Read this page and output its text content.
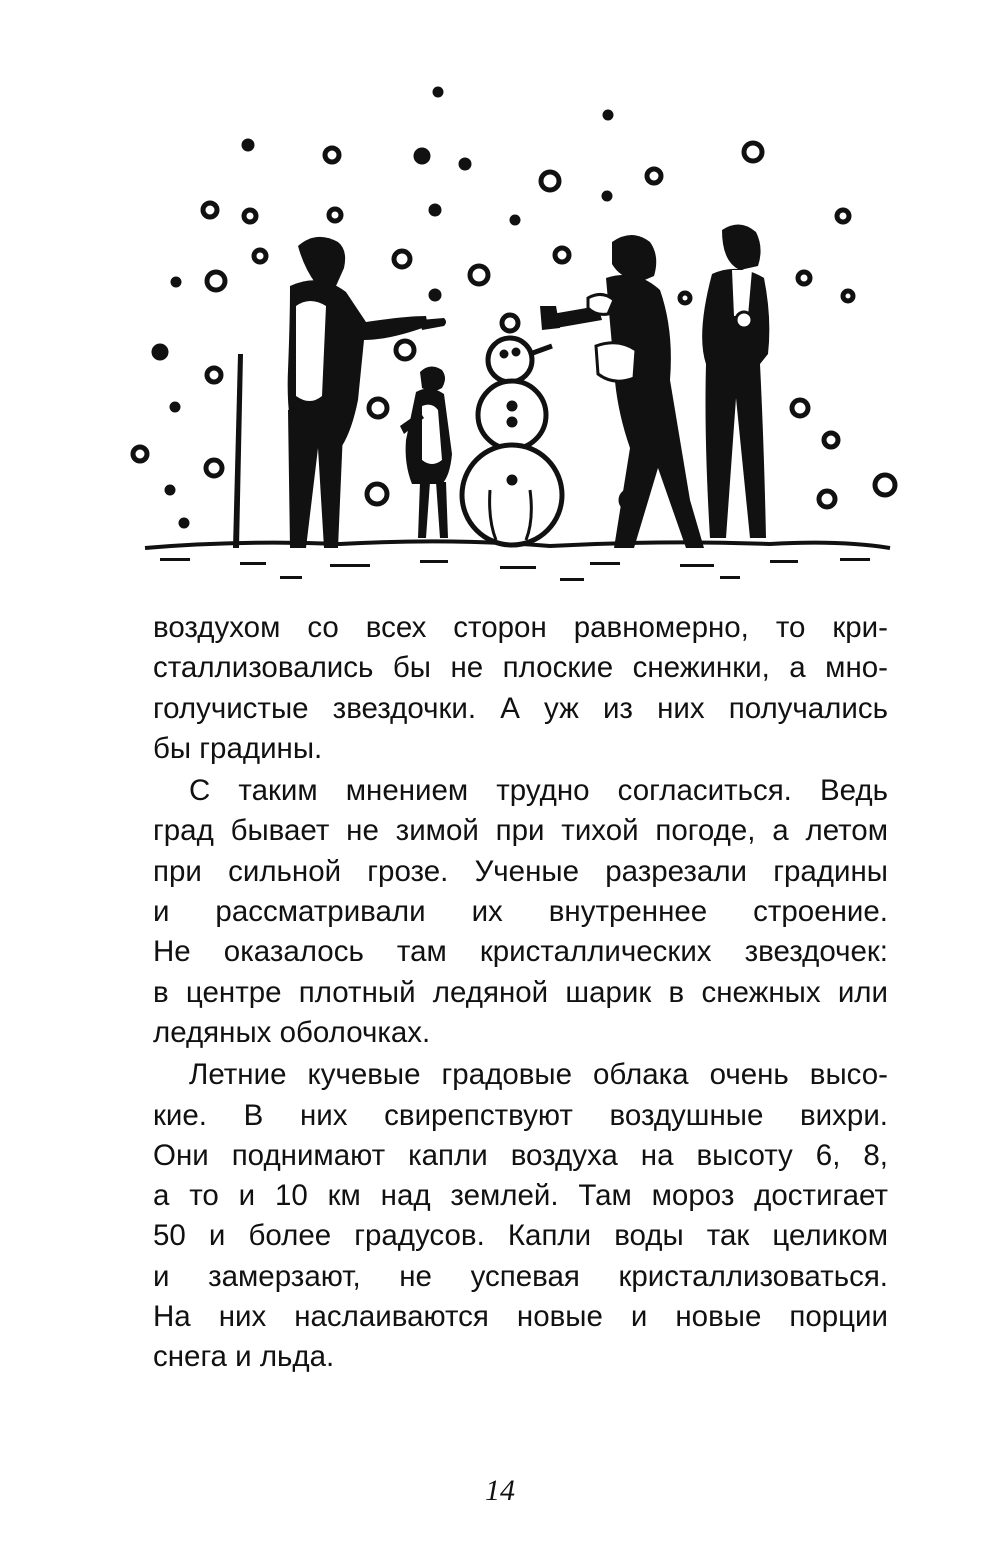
воздухом со всех сторон равномерно, то кри-
сталлизовались бы не плоские снежинки, а мно-
голучистые звездочки. А уж из них получались
бы градины.
С таким мнением трудно согласиться. Ведь
град бывает не зимой при тихой погоде, а летом
при сильной грозе. Ученые разрезали градины
и рассматривали их внутреннее строение.
Не оказалось там кристаллических звездочек:
в центре плотный ледяной шарик в снежных или
ледяных оболочках.
Летние кучевые градовые облака очень высо-
кие. В них свирепствуют воздушные вихри.
Они поднимают капли воздуха на высоту 6, 8,
а то и 10 км над землей. Там мороз достигает
50 и более градусов. Капли воды так целиком
и замерзают, не успевая кристаллизоваться.
На них наслаиваются новые и новые порции
снега и льда.
14
